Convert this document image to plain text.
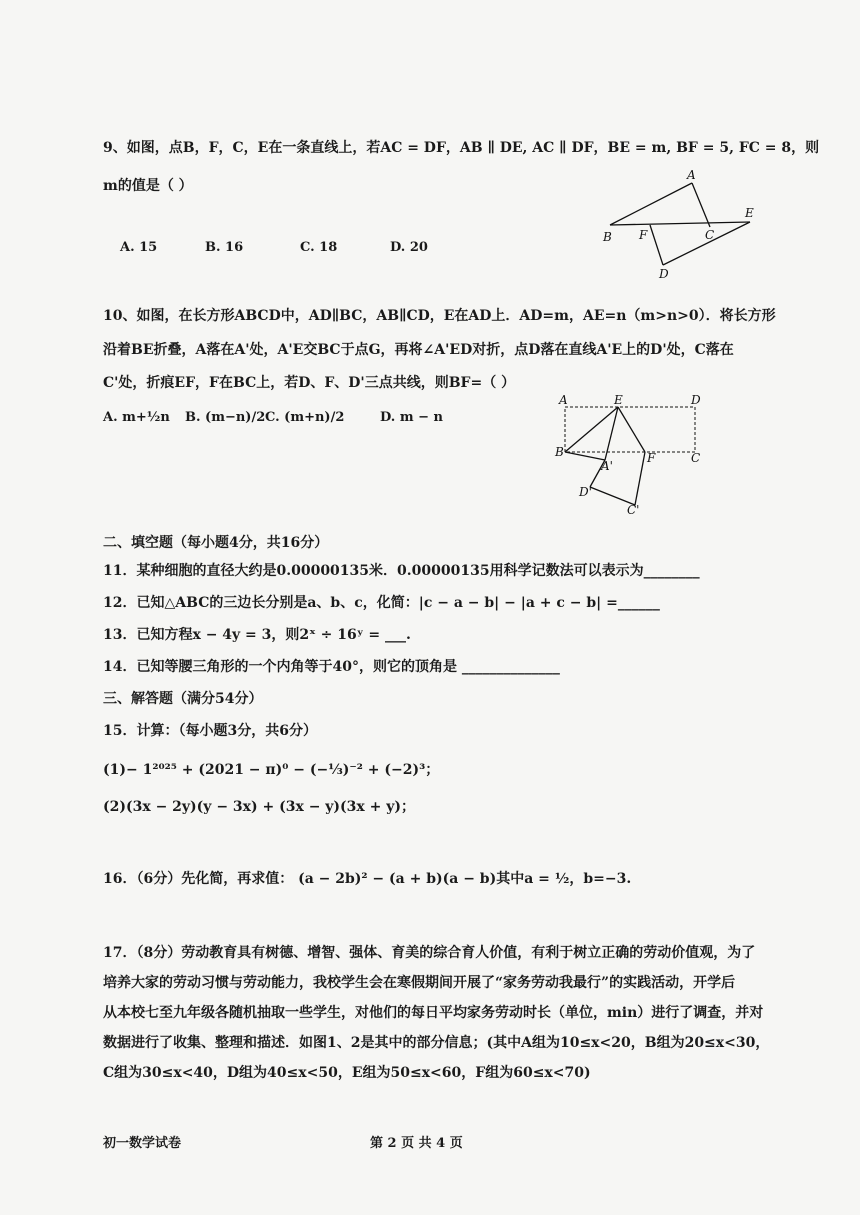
9、如图，点B，F，C，E在一条直线上，若AC = DF，AB ∥ DE, AC ∥ DF，BE = m, BF = 5, FC = 8，则
m的值是（ ）
A. 15	B. 16	C. 18	D. 20
A
B F	C
E
D
10、如图，在长方形ABCD中，AD∥BC，AB∥CD，E在AD上．AD=m，AE=n（m>n>0）．将长方形
沿着BE折叠，A落在A'处，A'E交BC于点G，再将∠A'ED对折，点D落在直线A'E上的D'处，C落在
C'处，折痕EF，F在BC上，若D、F、D'三点共线，则BF=（ ）
A. m+½n B. (m−n)/2 C. (m+n)/2	D. m − n
A	E	D
B	F	C
A'
D'
C'
二、填空题（每小题4分，共16分）
11．某种细胞的直径大约是0.00000135米．0.00000135用科学记数法可以表示为________
12．已知△ABC的三边长分别是a、b、c，化简：|c − a − b| − |a + c − b| =______
13．已知方程x − 4y = 3，则2ˣ ÷ 16ʸ = ___.
14．已知等腰三角形的一个内角等于40°，则它的顶角是 ______________
三、解答题（满分54分）
15．计算：（每小题3分，共6分）
(1)− 1²⁰²⁵ + (2021 − π)⁰ − (−⅓)⁻² + (−2)³；
(2)(3x − 2y)(y − 3x) + (3x − y)(3x + y)；
16．（6分）先化简，再求值： (a − 2b)² − (a + b)(a − b)其中a = ½，b=−3.
17．（8分）劳动教育具有树德、增智、强体、育美的综合育人价值，有利于树立正确的劳动价值观，为了
培养大家的劳动习惯与劳动能力，我校学生会在寒假期间开展了“家务劳动我最行”的实践活动，开学后
从本校七至九年级各随机抽取一些学生，对他们的每日平均家务劳动时长（单位，min）进行了调查，并对
数据进行了收集、整理和描述．如图1、2是其中的部分信息；(其中A组为10≤x<20，B组为20≤x<30，
C组为30≤x<40，D组为40≤x<50，E组为50≤x<60，F组为60≤x<70)
初一数学试卷	第 2 页 共 4 页
